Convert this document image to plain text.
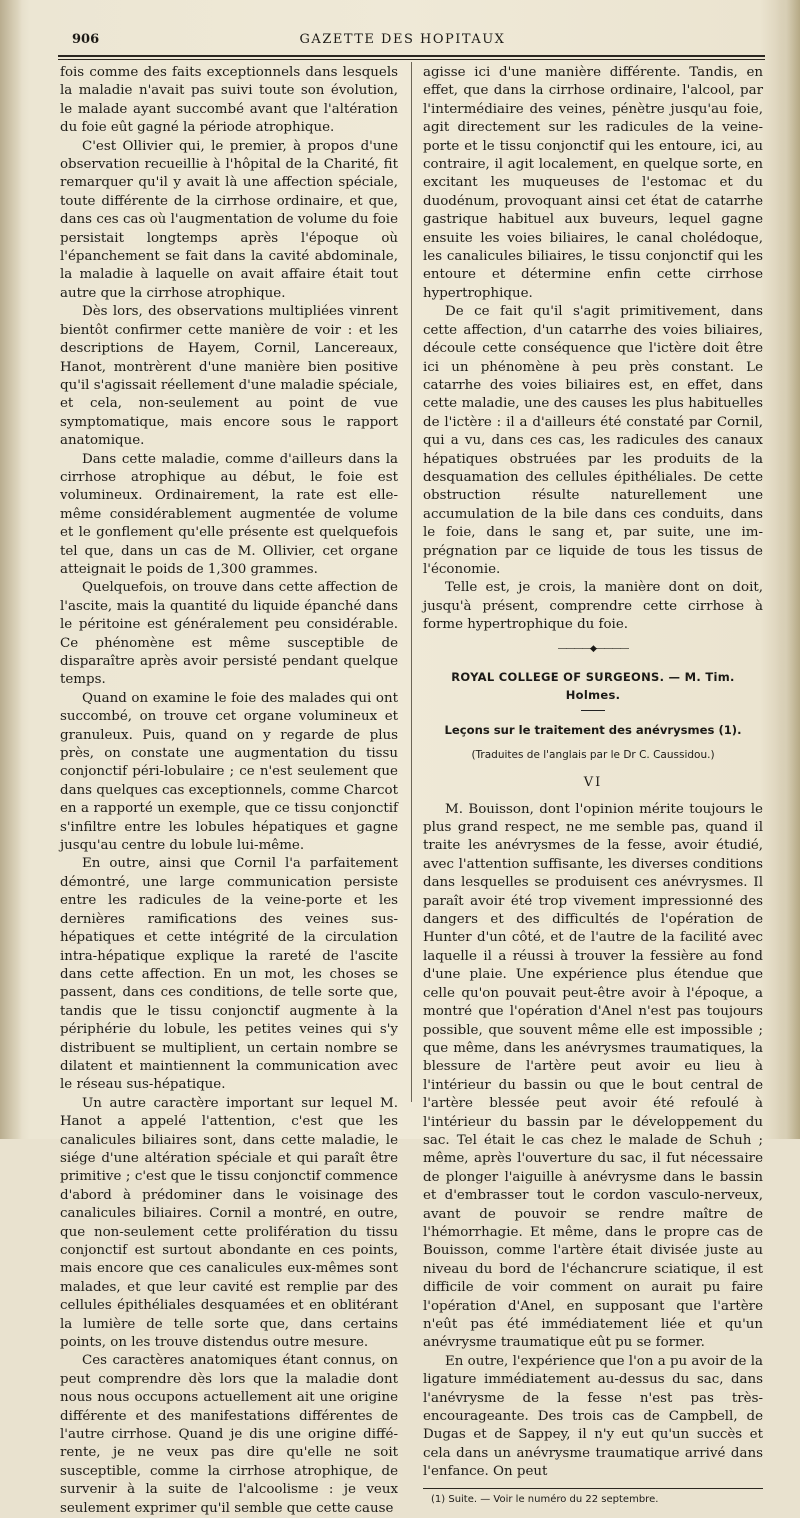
906	GAZETTE DES HOPITAUX

fois comme des faits exceptionnels dans lesquels la maladie n'avait pas suivi toute son évolution, le malade ayant succombé avant que l'altération du foie eût gagné la période atrophique.

C'est Ollivier qui, le premier, à propos d'une observation recueillie à l'hôpital de la Charité, fit remarquer qu'il y avait là une affection spéciale, toute différente de la cirrhose ordinaire, et que, dans ces cas où l'augmentation de volume du foie persistait longtemps après l'époque où l'épanchement se fait dans la cavité abdominale, la maladie à laquelle on avait affaire était tout autre que la cirrhose atrophique.

Dès lors, des observations multipliées vinrent bientôt confirmer cette manière de voir : et les descriptions de Hayem, Cornil, Lancereaux, Hanot, montrèrent d'une manière bien positive qu'il s'agissait réellement d'une maladie spéciale, et cela, non-seulement au point de vue symptomatique, mais encore sous le rapport anatomique.

Dans cette maladie, comme d'ailleurs dans la cirrhose atrophique au début, le foie est volumineux. Ordinairement, la rate est elle-même considérablement augmentée de volume et le gonflement qu'elle présente est quelquefois tel que, dans un cas de M. Ollivier, cet organe atteignait le poids de 1,300 grammes.

Quelquefois, on trouve dans cette affection de l'ascite, mais la quantité du liquide épanché dans le péritoine est généralement peu considérable. Ce phénomène est même susceptible de disparaître après avoir persisté pendant quelque temps.

Quand on examine le foie des malades qui ont succombé, on trouve cet organe volumineux et granuleux. Puis, quand on y regarde de plus près, on constate une augmentation du tissu conjonctif péri-lobulaire ; ce n'est seulement que dans quelques cas exceptionnels, comme Charcot en a rapporté un exemple, que ce tissu conjonctif s'infiltre entre les lobules hépatiques et gagne jusqu'au centre du lobule lui-même.

En outre, ainsi que Cornil l'a parfaitement démontré, une large communication persiste entre les radicules de la veine-porte et les dernières ramifications des veines sus-hépatiques et cette intégrité de la circulation intra-hépatique explique la rareté de l'ascite dans cette affection. En un mot, les choses se passent, dans ces conditions, de telle sorte que, tandis que le tissu conjonctif augmente à la périphérie du lobule, les petites veines qui s'y distribuent se multiplient, un certain nombre se dilatent et maintiennent la communication avec le réseau sus-hépatique.

Un autre caractère important sur lequel M. Hanot a appelé l'attention, c'est que les canalicules biliaires sont, dans cette maladie, le siége d'une altération spéciale et qui paraît être primitive ; c'est que le tissu conjonctif commence d'abord à prédominer dans le voisinage des canalicules biliaires. Cornil a montré, en outre, que non-seulement cette prolifération du tissu conjonctif est surtout abondante en ces points, mais encore que ces canalicules eux-mêmes sont malades, et que leur cavité est remplie par des cellules épithéliales desquamées et en oblitérant la lumière de telle sorte que, dans certains points, on les trouve distendus outre mesure.

Ces caractères anatomiques étant connus, on peut comprendre dès lors que la maladie dont nous nous occupons actuellement ait une origine différente et des manifestations différentes de l'autre cirrhose. Quand je dis une origine différente, je ne veux pas dire qu'elle ne soit susceptible, comme la cirrhose atrophique, de survenir à la suite de l'alcoolisme : je veux seulement exprimer qu'il semble que cette cause

agisse ici d'une manière différente. Tandis, en effet, que dans la cirrhose ordinaire, l'alcool, par l'intermédiaire des veines, pénètre jusqu'au foie, agit directement sur les radicules de la veine-porte et le tissu conjonctif qui les entoure, ici, au contraire, il agit localement, en quelque sorte, en excitant les muqueuses de l'estomac et du duodénum, provoquant ainsi cet état de catarrhe gastrique habituel aux buveurs, lequel gagne ensuite les voies biliaires, le canal cholédoque, les canalicules biliaires, le tissu conjonctif qui les entoure et détermine enfin cette cirrhose hypertrophique.

De ce fait qu'il s'agit primitivement, dans cette affection, d'un catarrhe des voies biliaires, découle cette conséquence que l'ictère doit être ici un phénomène à peu près constant. Le catarrhe des voies biliaires est, en effet, dans cette maladie, une des causes les plus habituelles de l'ictère : il a d'ailleurs été constaté par Cornil, qui a vu, dans ces cas, les radicules des canaux hépatiques obstruées par les produits de la desquamation des cellules épithéliales. De cette obstruction résulte naturellement une accumulation de la bile dans ces conduits, dans le foie, dans le sang et, par suite, une imprégnation par ce liquide de tous les tissus de l'économie.

Telle est, je crois, la manière dont on doit, jusqu'à présent, comprendre cette cirrhose à forme hypertrophique du foie.

――――◆――――
ROYAL COLLEGE OF SURGEONS. — M. Tim. Holmes.
Leçons sur le traitement des anévrysmes (1).
(Traduites de l'anglais par le Dr C. Caussidou.)
VI

M. Bouisson, dont l'opinion mérite toujours le plus grand respect, ne me semble pas, quand il traite les anévrysmes de la fesse, avoir étudié, avec l'attention suffisante, les diverses conditions dans lesquelles se produisent ces anévrysmes. Il paraît avoir été trop vivement impressionné des dangers et des difficultés de l'opération de Hunter d'un côté, et de l'autre de la facilité avec laquelle il a réussi à trouver la fessière au fond d'une plaie. Une expérience plus étendue que celle qu'on pouvait peut-être avoir à l'époque, a montré que l'opération d'Anel n'est pas toujours possible, que souvent même elle est impossible ; que même, dans les anévrysmes traumatiques, la blessure de l'artère peut avoir eu lieu à l'intérieur du bassin ou que le bout central de l'artère blessée peut avoir été refoulé à l'intérieur du bassin par le développement du sac. Tel était le cas chez le malade de Schuh ; même, après l'ouverture du sac, il fut nécessaire de plonger l'aiguille à anévrysme dans le bassin et d'embrasser tout le cordon vasculo-nerveux, avant de pouvoir se rendre maître de l'hémorrhagie. Et même, dans le propre cas de Bouisson, comme l'artère était divisée juste au niveau du bord de l'échancrure sciatique, il est difficile de voir comment on aurait pu faire l'opération d'Anel, en supposant que l'artère n'eût pas été immédiatement liée et qu'un anévrysme traumatique eût pu se former.

En outre, l'expérience que l'on a pu avoir de la ligature immédiatement au-dessus du sac, dans l'anévrysme de la fesse n'est pas très-encourageante. Des trois cas de Campbell, de Dugas et de Sappey, il n'y eut qu'un succès et cela dans un anévrysme traumatique arrivé dans l'enfance. On peut

(1) Suite. — Voir le numéro du 22 septembre.
